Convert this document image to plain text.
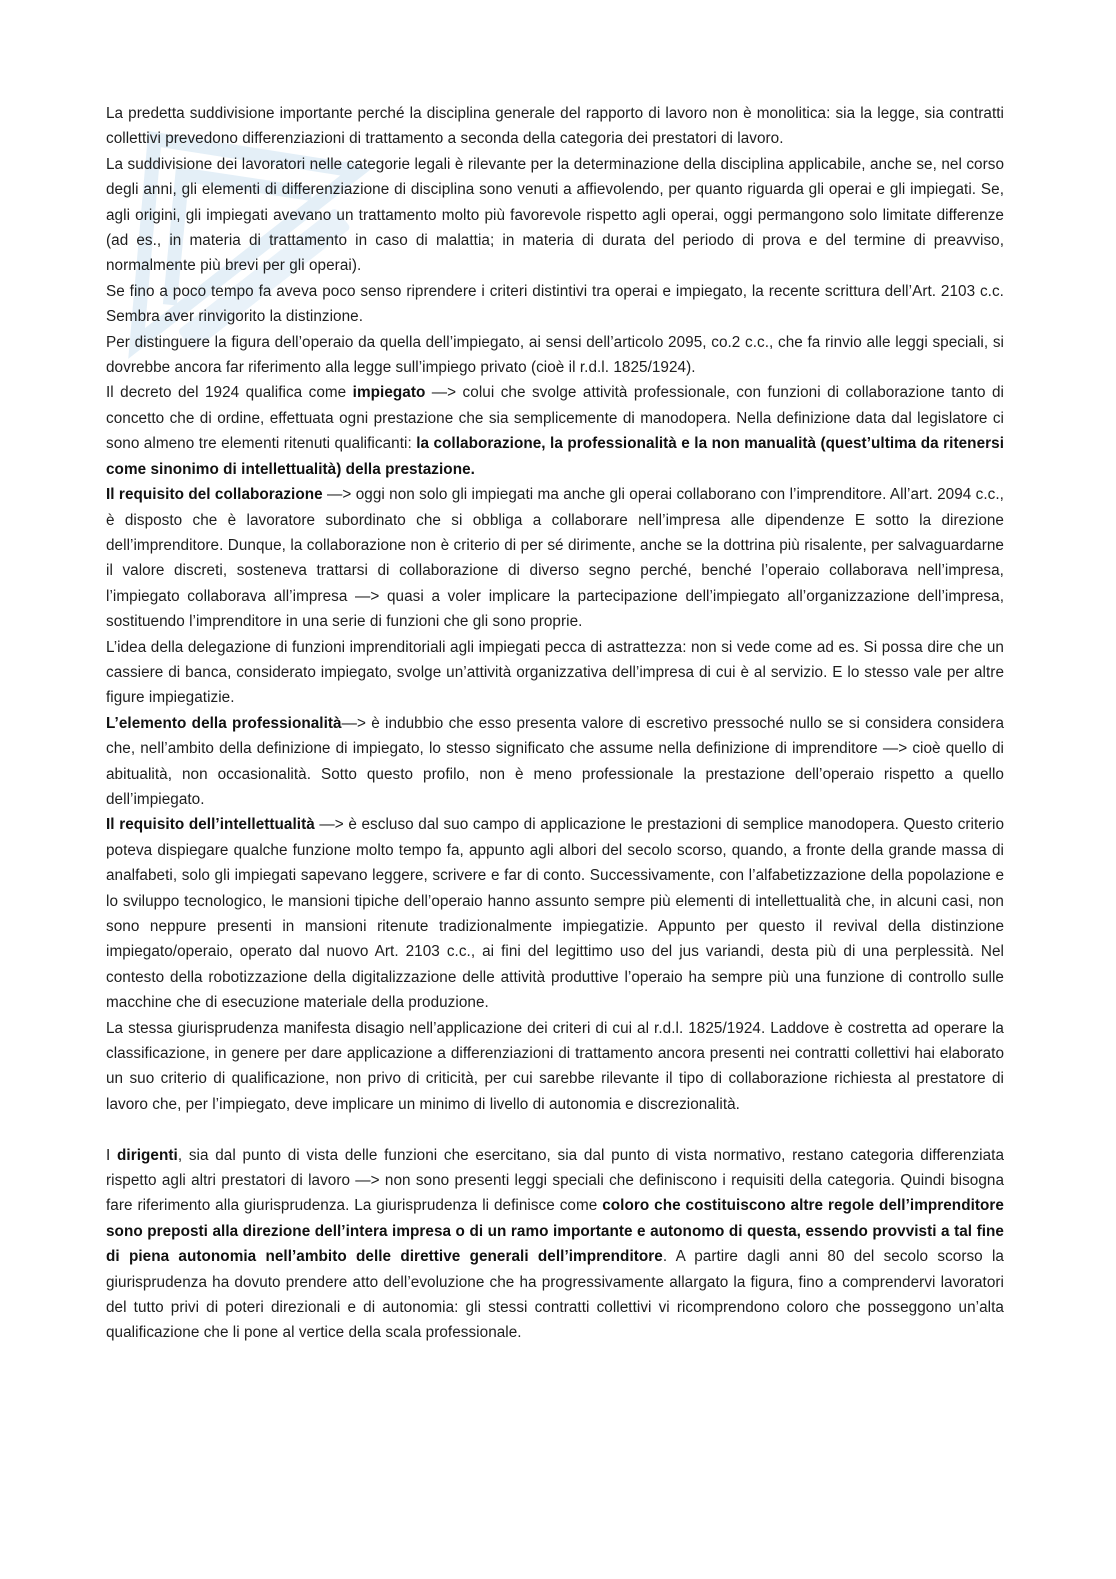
La predetta suddivisione importante perché la disciplina generale del rapporto di lavoro non è monolitica: sia la legge, sia contratti collettivi prevedono differenziazioni di trattamento a seconda della categoria dei prestatori di lavoro.

La suddivisione dei lavoratori nelle categorie legali è rilevante per la determinazione della disciplina applicabile, anche se, nel corso degli anni, gli elementi di differenziazione di disciplina sono venuti a affievolendo, per quanto riguarda gli operai e gli impiegati. Se, agli origini, gli impiegati avevano un trattamento molto più favorevole rispetto agli operai, oggi permangono solo limitate differenze (ad es., in materia di trattamento in caso di malattia; in materia di durata del periodo di prova e del termine di preavviso, normalmente più brevi per gli operai).

Se fino a poco tempo fa aveva poco senso riprendere i criteri distintivi tra operai e impiegato, la recente scrittura dell’Art. 2103 c.c. Sembra aver rinvigorito la distinzione.

Per distinguere la figura dell’operaio da quella dell’impiegato, ai sensi dell’articolo 2095, co.2 c.c., che fa rinvio alle leggi speciali, si dovrebbe ancora far riferimento alla legge sull’impiego privato (cioè il r.d.l. 1825/1924).

Il decreto del 1924 qualifica come impiegato —> colui che svolge attività professionale, con funzioni di collaborazione tanto di concetto che di ordine, effettuata ogni prestazione che sia semplicemente di manodopera. Nella definizione data dal legislatore ci sono almeno tre elementi ritenuti qualificanti: la collaborazione, la professionalità e la non manualità (quest’ultima da ritenersi come sinonimo di intellettualità) della prestazione.

Il requisito del collaborazione —> oggi non solo gli impiegati ma anche gli operai collaborano con l’imprenditore. All’art. 2094 c.c., è disposto che è lavoratore subordinato che si obbliga a collaborare nell’impresa alle dipendenze E sotto la direzione dell’imprenditore. Dunque, la collaborazione non è criterio di per sé dirimente, anche se la dottrina più risalente, per salvaguardarne il valore discreti, sosteneva trattarsi di collaborazione di diverso segno perché, benché l’operaio collaborava nell’impresa, l’impiegato collaborava all’impresa —> quasi a voler implicare la partecipazione dell’impiegato all’organizzazione dell’impresa, sostituendo l’imprenditore in una serie di funzioni che gli sono proprie.

L’idea della delegazione di funzioni imprenditoriali agli impiegati pecca di astrattezza: non si vede come ad es. Si possa dire che un cassiere di banca, considerato impiegato, svolge un’attività organizzativa dell’impresa di cui è al servizio. E lo stesso vale per altre figure impiegatizie.

L’elemento della professionalità—> è indubbio che esso presenta valore di escretivo pressoché nullo se si considera considera che, nell’ambito della definizione di impiegato, lo stesso significato che assume nella definizione di imprenditore —> cioè quello di abitualità, non occasionalità. Sotto questo profilo, non è meno professionale la prestazione dell’operaio rispetto a quello dell’impiegato.

Il requisito dell’intellettualità —> è escluso dal suo campo di applicazione le prestazioni di semplice manodopera. Questo criterio poteva dispiegare qualche funzione molto tempo fa, appunto agli albori del secolo scorso, quando, a fronte della grande massa di analfabeti, solo gli impiegati sapevano leggere, scrivere e far di conto. Successivamente, con l’alfabetizzazione della popolazione e lo sviluppo tecnologico, le mansioni tipiche dell’operaio hanno assunto sempre più elementi di intellettualità che, in alcuni casi, non sono neppure presenti in mansioni ritenute tradizionalmente impiegatizie. Appunto per questo il revival della distinzione impiegato/operaio, operato dal nuovo Art. 2103 c.c., ai fini del legittimo uso del jus variandi, desta più di una perplessità. Nel contesto della robotizzazione della digitalizzazione delle attività produttive l’operaio ha sempre più una funzione di controllo sulle macchine che di esecuzione materiale della produzione.

La stessa giurisprudenza manifesta disagio nell’applicazione dei criteri di cui al r.d.l. 1825/1924. Laddove è costretta ad operare la classificazione, in genere per dare applicazione a differenziazioni di trattamento ancora presenti nei contratti collettivi hai elaborato un suo criterio di qualificazione, non privo di criticità, per cui sarebbe rilevante il tipo di collaborazione richiesta al prestatore di lavoro che, per l’impiegato, deve implicare un minimo di livello di autonomia e discrezionalità.

I dirigenti, sia dal punto di vista delle funzioni che esercitano, sia dal punto di vista normativo, restano categoria differenziata rispetto agli altri prestatori di lavoro —> non sono presenti leggi speciali che definiscono i requisiti della categoria. Quindi bisogna fare riferimento alla giurisprudenza. La giurisprudenza li definisce come coloro che costituiscono altre regole dell’imprenditore sono preposti alla direzione dell’intera impresa o di un ramo importante e autonomo di questa, essendo provvisti a tal fine di piena autonomia nell’ambito delle direttive generali dell’imprenditore. A partire dagli anni 80 del secolo scorso la giurisprudenza ha dovuto prendere atto dell’evoluzione che ha progressivamente allargato la figura, fino a comprendervi lavoratori del tutto privi di poteri direzionali e di autonomia: gli stessi contratti collettivi vi ricomprendono coloro che posseggono un’alta qualificazione che li pone al vertice della scala professionale.
